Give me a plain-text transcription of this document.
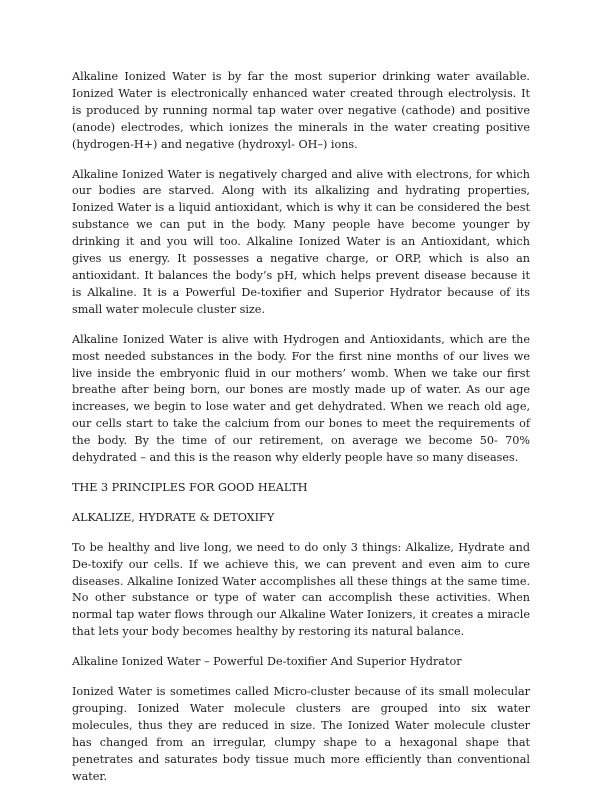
Alkaline Ionized Water is by far the most superior drinking water available. Ionized Water is electronically enhanced water created through electrolysis. It is produced by running normal tap water over negative (cathode) and positive (anode) electrodes, which ionizes the minerals in the water creating positive (hydrogen-H+) and negative (hydroxyl- OH–) ions.

Alkaline Ionized Water is negatively charged and alive with electrons, for which our bodies are starved. Along with its alkalizing and hydrating properties, Ionized Water is a liquid antioxidant, which is why it can be considered the best substance we can put in the body. Many people have become younger by drinking it and you will too. Alkaline Ionized Water is an Antioxidant, which gives us energy. It possesses a negative charge, or ORP, which is also an antioxidant. It balances the body’s pH, which helps prevent disease because it is Alkaline. It is a Powerful De-toxifier and Superior Hydrator because of its small water molecule cluster size.

Alkaline Ionized Water is alive with Hydrogen and Antioxidants, which are the most needed substances in the body. For the first nine months of our lives we live inside the embryonic fluid in our mothers’ womb. When we take our first breathe after being born, our bones are mostly made up of water. As our age increases, we begin to lose water and get dehydrated. When we reach old age, our cells start to take the calcium from our bones to meet the requirements of the body. By the time of our retirement, on average we become 50- 70% dehydrated – and this is the reason why elderly people have so many diseases.

THE 3 PRINCIPLES FOR GOOD HEALTH

ALKALIZE, HYDRATE & DETOXIFY

To be healthy and live long, we need to do only 3 things: Alkalize, Hydrate and De-toxify our cells. If we achieve this, we can prevent and even aim to cure diseases. Alkaline Ionized Water accomplishes all these things at the same time. No other substance or type of water can accomplish these activities. When normal tap water flows through our Alkaline Water Ionizers, it creates a miracle that lets your body becomes healthy by restoring its natural balance.

Alkaline Ionized Water – Powerful De-toxifier And Superior Hydrator

Ionized Water is sometimes called Micro-cluster because of its small molecular grouping. Ionized Water molecule clusters are grouped into six water molecules, thus they are reduced in size. The Ionized Water molecule cluster has changed from an irregular, clumpy shape to a hexagonal shape that penetrates and saturates body tissue much more efficiently than conventional water.
